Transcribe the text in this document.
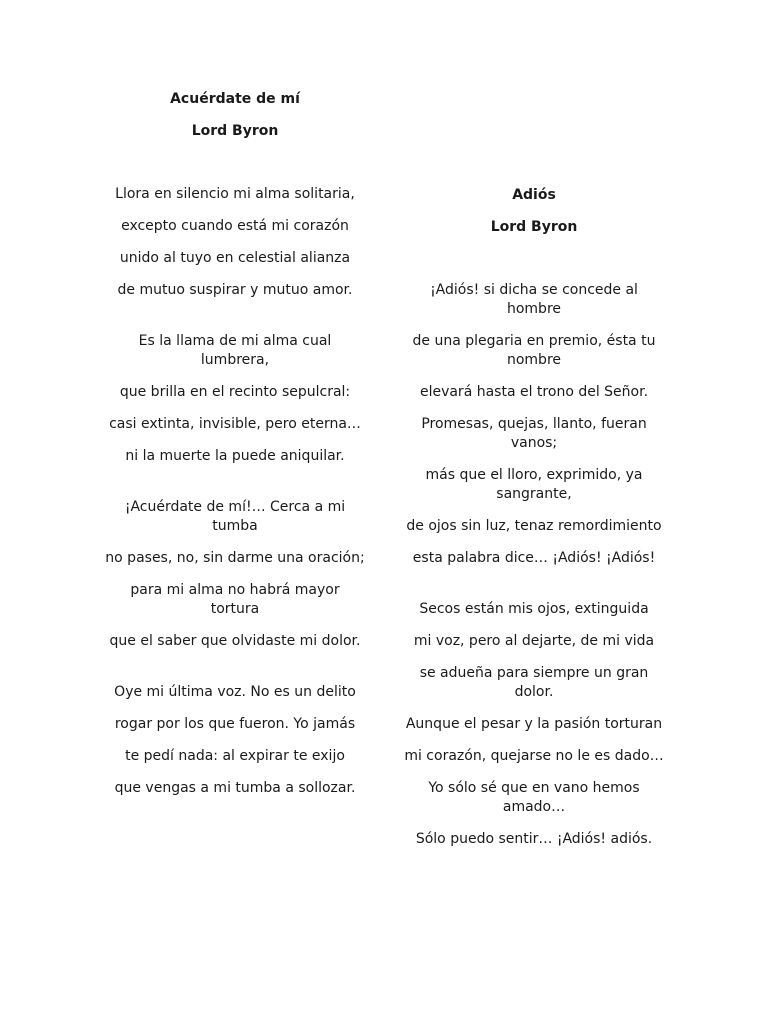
Acuérdate de mí
Lord Byron
Llora en silencio mi alma solitaria,
excepto cuando está mi corazón
unido al tuyo en celestial alianza
de mutuo suspirar y mutuo amor.
Es la llama de mi alma cual lumbrera,
que brilla en el recinto sepulcral:
casi extinta, invisible, pero eterna…
ni la muerte la puede aniquilar.
¡Acuérdate de mí!… Cerca a mi tumba
no pases, no, sin darme una oración;
para mi alma no habrá mayor tortura
que el saber que olvidaste mi dolor.
Oye mi última voz. No es un delito
rogar por los que fueron. Yo jamás
te pedí nada: al expirar te exijo
que vengas a mi tumba a sollozar.
Adiós
Lord Byron
¡Adiós! si dicha se concede al hombre
de una plegaria en premio, ésta tu nombre
elevará hasta el trono del Señor.
Promesas, quejas, llanto, fueran vanos;
más que el lloro, exprimido, ya sangrante,
de ojos sin luz, tenaz remordimiento
esta palabra dice… ¡Adiós! ¡Adiós!
Secos están mis ojos, extinguida
mi voz, pero al dejarte, de mi vida
se adueña para siempre un gran dolor.
Aunque el pesar y la pasión torturan
mi corazón, quejarse no le es dado…
Yo sólo sé que en vano hemos amado…
Sólo puedo sentir… ¡Adiós! adiós.
